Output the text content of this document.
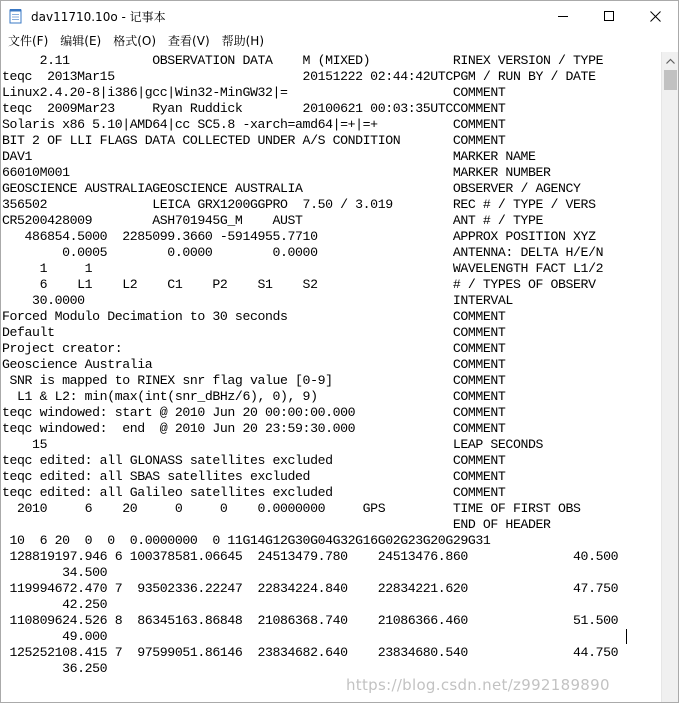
dav11710.10o - 记事本
文件(F)	编辑(E)	格式(O)	查看(V)	帮助(H)
2.11           OBSERVATION DATA    M (MIXED)           RINEX VERSION / TYPE
teqc  2013Mar15                         20151222 02:44:42UTCPGM / RUN BY / DATE
Linux2.4.20-8|i386|gcc|Win32-MinGW32|=                      COMMENT
teqc  2009Mar23     Ryan Ruddick        20100621 00:03:35UTCCOMMENT
Solaris x86 5.10|AMD64|cc SC5.8 -xarch=amd64|=+|=+          COMMENT
BIT 2 OF LLI FLAGS DATA COLLECTED UNDER A/S CONDITION       COMMENT
DAV1                                                        MARKER NAME
66010M001                                                   MARKER NUMBER
GEOSCIENCE AUSTRALIAGEOSCIENCE AUSTRALIA                    OBSERVER / AGENCY
356502              LEICA GRX1200GGPRO  7.50 / 3.019        REC # / TYPE / VERS
CR5200428009        ASH701945G_M    AUST                    ANT # / TYPE
486854.5000  2285099.3660 -5914955.7710                  APPROX POSITION XYZ
0.0005        0.0000        0.0000                  ANTENNA: DELTA H/E/N
1     1                                                WAVELENGTH FACT L1/2
6    L1    L2    C1    P2    S1    S2                  # / TYPES OF OBSERV
30.0000                                                 INTERVAL
Forced Modulo Decimation to 30 seconds                      COMMENT
Default                                                     COMMENT
Project creator:                                            COMMENT
Geoscience Australia                                        COMMENT
SNR is mapped to RINEX snr flag value [0-9]                COMMENT
L1 & L2: min(max(int(snr_dBHz/6), 0), 9)                  COMMENT
teqc windowed: start @ 2010 Jun 20 00:00:00.000             COMMENT
teqc windowed:  end  @ 2010 Jun 20 23:59:30.000             COMMENT
15                                                      LEAP SECONDS
teqc edited: all GLONASS satellites excluded                COMMENT
teqc edited: all SBAS satellites excluded                   COMMENT
teqc edited: all Galileo satellites excluded                COMMENT
2010     6    20     0     0    0.0000000     GPS         TIME OF FIRST OBS
END OF HEADER
10  6 20  0  0  0.0000000  0 11G14G12G30G04G32G16G02G23G20G29G31
128819197.946 6 100378581.06645  24513479.780    24513476.860              40.500
34.500
119994672.470 7  93502336.22247  22834224.840    22834221.620              47.750
42.250
110809624.526 8  86345163.86848  21086368.740    21086366.460              51.500
49.000
125252108.415 7  97599051.86146  23834682.640    23834680.540              44.750
36.250
https://blog.csdn.net/z992189890
